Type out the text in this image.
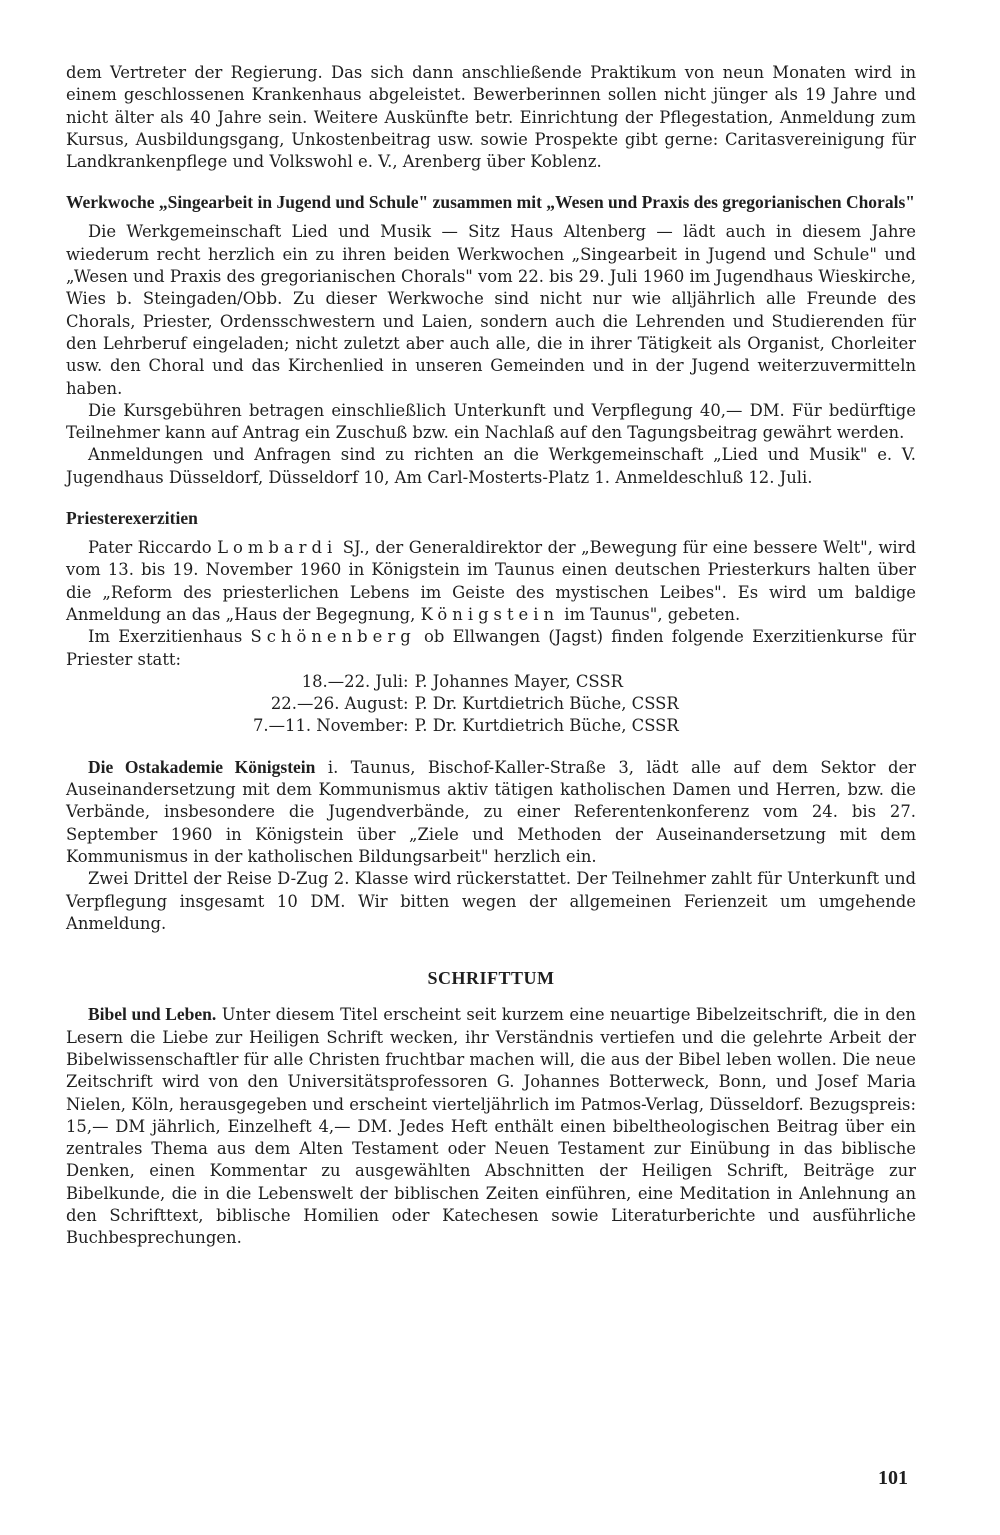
dem Vertreter der Regierung. Das sich dann anschließende Praktikum von neun Monaten wird in einem geschlossenen Krankenhaus abgeleistet. Bewerberinnen sollen nicht jünger als 19 Jahre und nicht älter als 40 Jahre sein. Weitere Auskünfte betr. Einrichtung der Pflegestation, Anmeldung zum Kursus, Ausbildungsgang, Unkostenbeitrag usw. sowie Prospekte gibt gerne: Caritasvereinigung für Landkrankenpflege und Volkswohl e. V., Arenberg über Koblenz.

Werkwoche „Singearbeit in Jugend und Schule" zusammen mit „Wesen und Praxis des gregorianischen Chorals"

Die Werkgemeinschaft Lied und Musik — Sitz Haus Altenberg — lädt auch in diesem Jahre wiederum recht herzlich ein zu ihren beiden Werkwochen „Singearbeit in Jugend und Schule" und „Wesen und Praxis des gregorianischen Chorals" vom 22. bis 29. Juli 1960 im Jugendhaus Wieskirche, Wies b. Steingaden/Obb. Zu dieser Werkwoche sind nicht nur wie alljährlich alle Freunde des Chorals, Priester, Ordensschwestern und Laien, sondern auch die Lehrenden und Studierenden für den Lehrberuf eingeladen; nicht zuletzt aber auch alle, die in ihrer Tätigkeit als Organist, Chorleiter usw. den Choral und das Kirchenlied in unseren Gemeinden und in der Jugend weiterzuvermitteln haben.

Die Kursgebühren betragen einschließlich Unterkunft und Verpflegung 40,— DM. Für bedürftige Teilnehmer kann auf Antrag ein Zuschuß bzw. ein Nachlaß auf den Tagungsbeitrag gewährt werden.

Anmeldungen und Anfragen sind zu richten an die Werkgemeinschaft „Lied und Musik" e. V. Jugendhaus Düsseldorf, Düsseldorf 10, Am Carl-Mosterts-Platz 1. Anmeldeschluß 12. Juli.

Priesterexerzitien

Pater Riccardo Lombardi SJ., der Generaldirektor der „Bewegung für eine bessere Welt", wird vom 13. bis 19. November 1960 in Königstein im Taunus einen deutschen Priesterkurs halten über die „Reform des priesterlichen Lebens im Geiste des mystischen Leibes". Es wird um baldige Anmeldung an das „Haus der Begegnung, Königstein im Taunus", gebeten.

Im Exerzitienhaus Schönenberg ob Ellwangen (Jagst) finden folgende Exerzitienkurse für Priester statt:

18.—22. Juli:	P. Johannes Mayer, CSSR
22.—26. August:	P. Dr. Kurtdietrich Büche, CSSR
7.—11. November:	P. Dr. Kurtdietrich Büche, CSSR

Die Ostakademie Königstein i. Taunus, Bischof-Kaller-Straße 3, lädt alle auf dem Sektor der Auseinandersetzung mit dem Kommunismus aktiv tätigen katholischen Damen und Herren, bzw. die Verbände, insbesondere die Jugendverbände, zu einer Referentenkonferenz vom 24. bis 27. September 1960 in Königstein über „Ziele und Methoden der Auseinandersetzung mit dem Kommunismus in der katholischen Bildungsarbeit" herzlich ein.

Zwei Drittel der Reise D-Zug 2. Klasse wird rückerstattet. Der Teilnehmer zahlt für Unterkunft und Verpflegung insgesamt 10 DM. Wir bitten wegen der allgemeinen Ferienzeit um umgehende Anmeldung.

SCHRIFTTUM

Bibel und Leben. Unter diesem Titel erscheint seit kurzem eine neuartige Bibelzeitschrift, die in den Lesern die Liebe zur Heiligen Schrift wecken, ihr Verständnis vertiefen und die gelehrte Arbeit der Bibelwissenschaftler für alle Christen fruchtbar machen will, die aus der Bibel leben wollen. Die neue Zeitschrift wird von den Universitätsprofessoren G. Johannes Botterweck, Bonn, und Josef Maria Nielen, Köln, herausgegeben und erscheint vierteljährlich im Patmos-Verlag, Düsseldorf. Bezugspreis: 15,— DM jährlich, Einzelheft 4,— DM. Jedes Heft enthält einen bibeltheologischen Beitrag über ein zentrales Thema aus dem Alten Testament oder Neuen Testament zur Einübung in das biblische Denken, einen Kommentar zu ausgewählten Abschnitten der Heiligen Schrift, Beiträge zur Bibelkunde, die in die Lebenswelt der biblischen Zeiten einführen, eine Meditation in Anlehnung an den Schrifttext, biblische Homilien oder Katechesen sowie Literaturberichte und ausführliche Buchbesprechungen.

101
